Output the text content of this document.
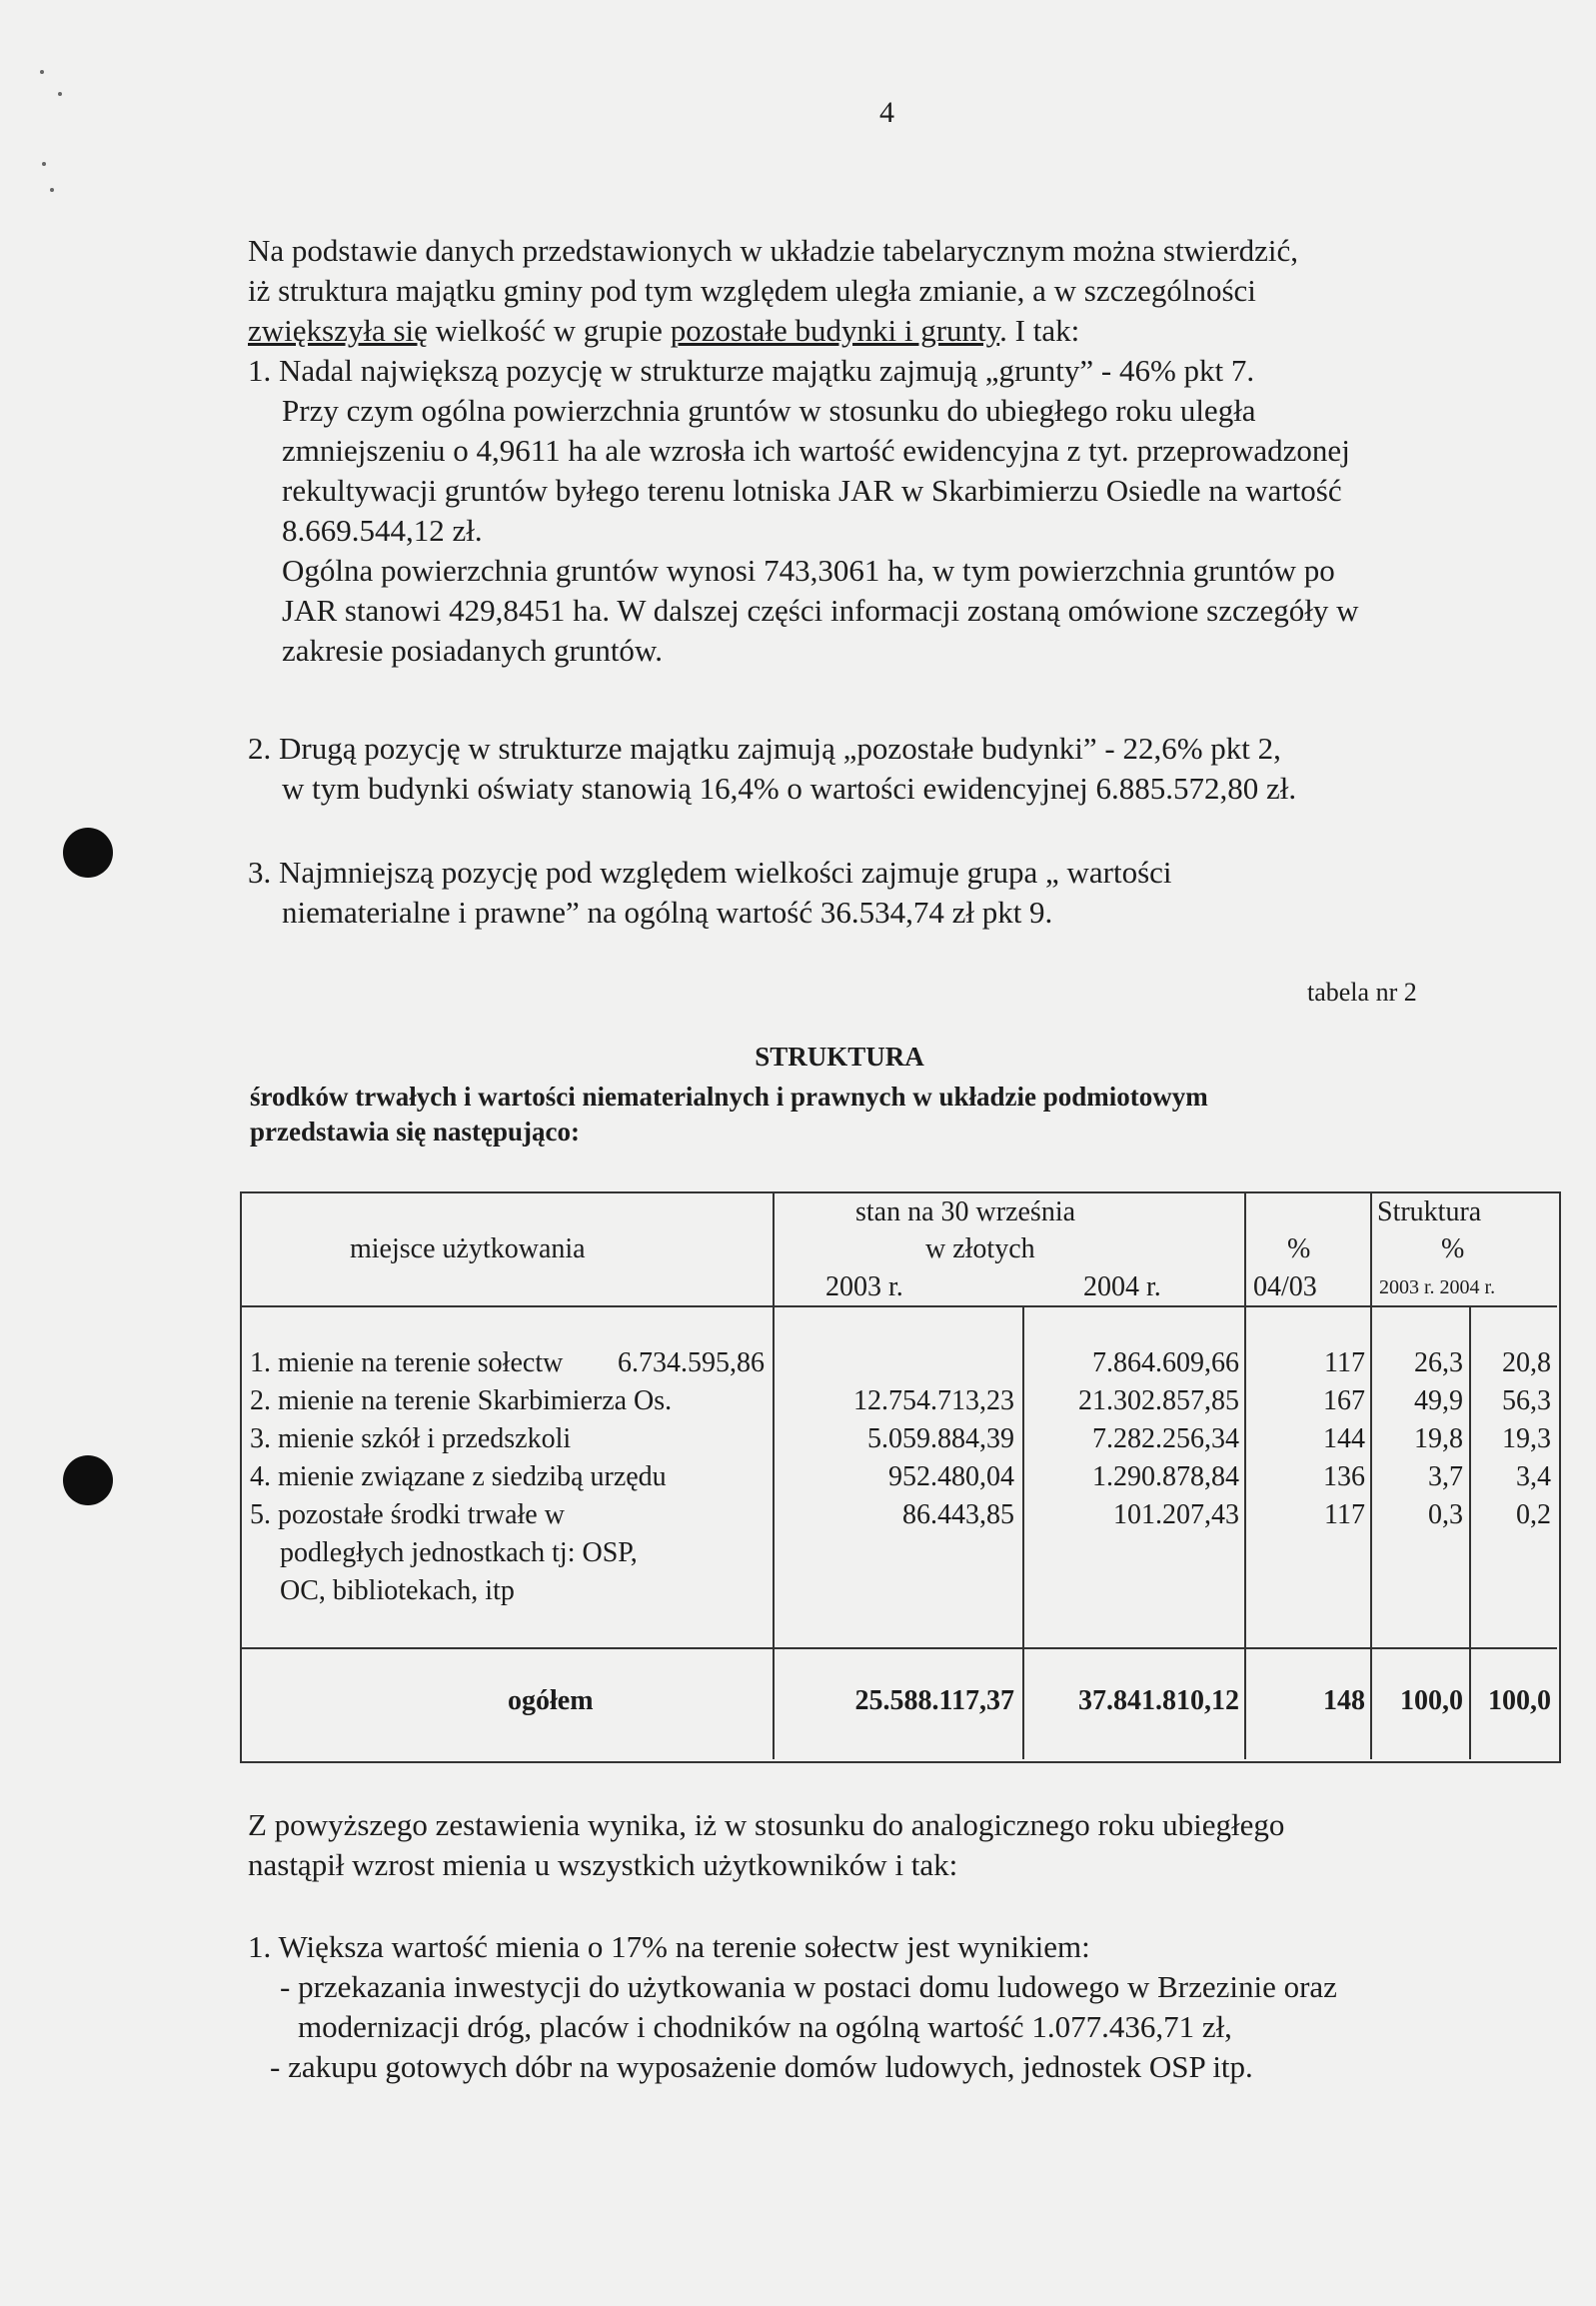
4
Na podstawie danych przedstawionych w układzie tabelarycznym można stwierdzić,
iż struktura majątku gminy pod tym względem uległa zmianie, a w szczególności
zwiększyła się wielkość w grupie pozostałe budynki i grunty. I tak:
1. Nadal największą pozycję w strukturze majątku zajmują „grunty” - 46% pkt 7.
Przy czym ogólna powierzchnia gruntów w stosunku do ubiegłego roku uległa
zmniejszeniu o 4,9611 ha ale wzrosła ich wartość ewidencyjna z tyt. przeprowadzonej
rekultywacji gruntów byłego terenu lotniska JAR w Skarbimierzu Osiedle na wartość
8.669.544,12 zł.
Ogólna powierzchnia gruntów wynosi 743,3061 ha, w tym powierzchnia gruntów po
JAR stanowi 429,8451 ha. W dalszej części informacji zostaną omówione szczegóły w
zakresie posiadanych gruntów.
2. Drugą pozycję w strukturze majątku zajmują „pozostałe budynki” - 22,6% pkt 2,
w tym budynki oświaty stanowią 16,4% o wartości ewidencyjnej 6.885.572,80 zł.
3. Najmniejszą pozycję pod względem wielkości zajmuje grupa „ wartości
niematerialne i prawne” na ogólną wartość 36.534,74 zł pkt 9.
tabela nr 2
STRUKTURA
środków trwałych i wartości niematerialnych i prawnych w układzie podmiotowym
przedstawia się następująco:
miejsce użytkowania
stan na 30 września
w złotych
2003 r.	2004 r.
%
04/03
Struktura
%
2003 r. 2004 r.
1. mienie na terenie sołectw 6.734.595,86	7.864.609,66	117	26,3	20,8
2. mienie na terenie Skarbimierza Os.	12.754.713,23	21.302.857,85	167	49,9	56,3
3. mienie szkół i przedszkoli	5.059.884,39	7.282.256,34	144	19,8	19,3
4. mienie związane z siedzibą urzędu	952.480,04	1.290.878,84	136	3,7	3,4
5. pozostałe środki trwałe w
podległych jednostkach tj: OSP,
OC, bibliotekach, itp
86.443,85	101.207,43	117	0,3	0,2
ogółem	25.588.117,37	37.841.810,12	148	100,0 100,0
Z powyższego zestawienia wynika, iż w stosunku do analogicznego roku ubiegłego
nastąpił wzrost mienia u wszystkich użytkowników i tak:
1. Większa wartość mienia o 17% na terenie sołectw jest wynikiem:
- przekazania inwestycji do użytkowania w postaci domu ludowego w Brzezinie oraz
modernizacji dróg, placów i chodników na ogólną wartość 1.077.436,71 zł,
- zakupu gotowych dóbr na wyposażenie domów ludowych, jednostek OSP itp.
